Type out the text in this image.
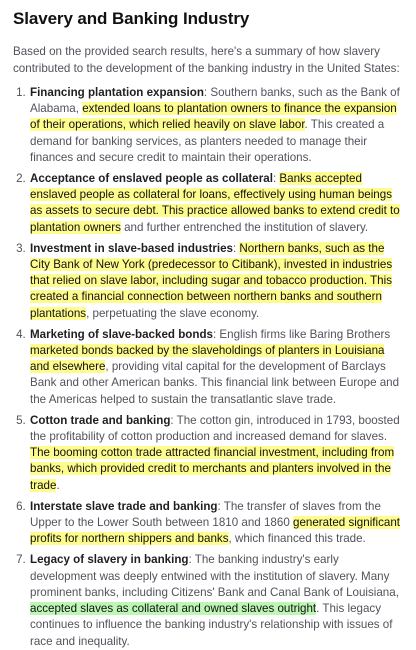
Slavery and Banking Industry

Based on the provided search results, here's a summary of how slavery contributed to the development of the banking industry in the United States:

1. Financing plantation expansion: Southern banks, such as the Bank of Alabama, extended loans to plantation owners to finance the expansion of their operations, which relied heavily on slave labor. This created a demand for banking services, as planters needed to manage their finances and secure credit to maintain their operations.
2. Acceptance of enslaved people as collateral: Banks accepted enslaved people as collateral for loans, effectively using human beings as assets to secure debt. This practice allowed banks to extend credit to plantation owners and further entrenched the institution of slavery.
3. Investment in slave-based industries: Northern banks, such as the City Bank of New York (predecessor to Citibank), invested in industries that relied on slave labor, including sugar and tobacco production. This created a financial connection between northern banks and southern plantations, perpetuating the slave economy.
4. Marketing of slave-backed bonds: English firms like Baring Brothers marketed bonds backed by the slaveholdings of planters in Louisiana and elsewhere, providing vital capital for the development of Barclays Bank and other American banks. This financial link between Europe and the Americas helped to sustain the transatlantic slave trade.
5. Cotton trade and banking: The cotton gin, introduced in 1793, boosted the profitability of cotton production and increased demand for slaves. The booming cotton trade attracted financial investment, including from banks, which provided credit to merchants and planters involved in the trade.
6. Interstate slave trade and banking: The transfer of slaves from the Upper to the Lower South between 1810 and 1860 generated significant profits for northern shippers and banks, which financed this trade.
7. Legacy of slavery in banking: The banking industry's early development was deeply entwined with the institution of slavery. Many prominent banks, including Citizens' Bank and Canal Bank of Louisiana, accepted slaves as collateral and owned slaves outright. This legacy continues to influence the banking industry's relationship with issues of race and inequality.
